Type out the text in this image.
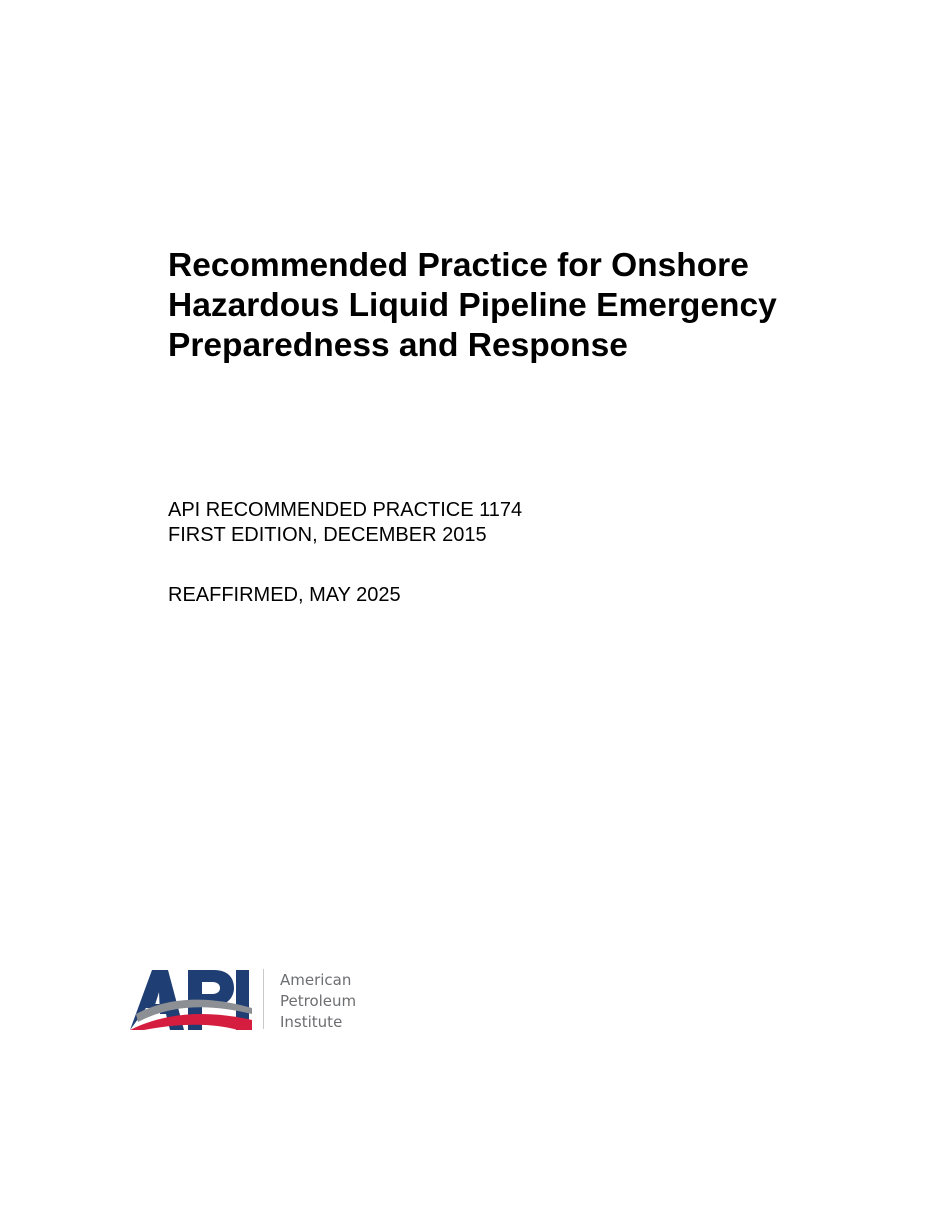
Recommended Practice for Onshore
Hazardous Liquid Pipeline Emergency
Preparedness and Response
API RECOMMENDED PRACTICE 1174
FIRST EDITION, DECEMBER 2015
REAFFIRMED, MAY 2025
American
Petroleum
Institute
